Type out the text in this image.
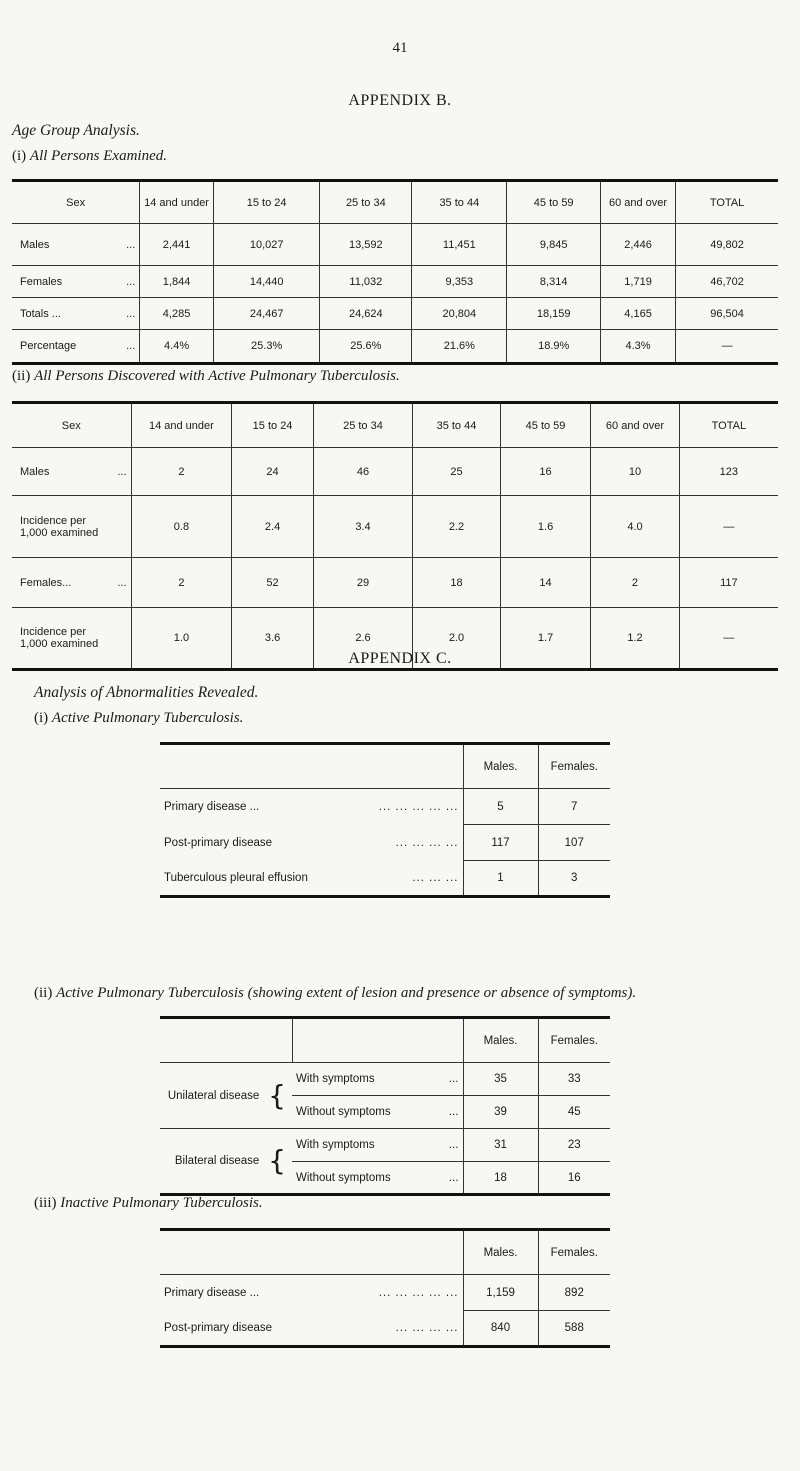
41
APPENDIX B.
Age Group Analysis.
(i) All Persons Examined.
Sex	14 and under	15 to 24	25 to 34	35 to 44	45 to 59	60 and over	TOTAL

Males ...	2,441	10,027	13,592	11,451	9,845	2,446	49,802

Females ...	1,844	14,440	11,032	9,353	8,314	1,719	46,702

Totals ... ...	4,285	24,467	24,624	20,804	18,159	4,165	96,504

Percentage ...	4.4%	25.3%	25.6%	21.6%	18.9%	4.3%	—
(ii) All Persons Discovered with Active Pulmonary Tuberculosis.
Sex	14 and under	15 to 24	25 to 34	35 to 44	45 to 59	60 and over	TOTAL

Males ...	2	24	46	25	16	10	123

Incidence per
1,000 examined	0.8	2.4	3.4	2.2	1.6	4.0	—

Females... ...	2	52	29	18	14	2	117

Incidence per
1,000 examined	1.0	3.6	2.6	2.0	1.7	1.2	—
APPENDIX C.
Analysis of Abnormalities Revealed.
(i) Active Pulmonary Tuberculosis.
	Males.	Females.

Primary disease ... ... ... ... ... ...	5	7

Post-primary disease ... ... ... ...	117	107

Tuberculous pleural effusion ... ... ...	1	3
(ii) Active Pulmonary Tuberculosis (showing extent of lesion and presence or absence of symptoms).
		Males.	Females.
Unilateral disease {	With symptoms ...	35	33

	Without symptoms ...	39	45
Bilateral disease {	With symptoms ...	31	23

	Without symptoms ...	18	16
(iii) Inactive Pulmonary Tuberculosis.
	Males.	Females.

Primary disease ... ... ... ... ... ...	1,159	892

Post-primary disease ... ... ... ...	840	588
